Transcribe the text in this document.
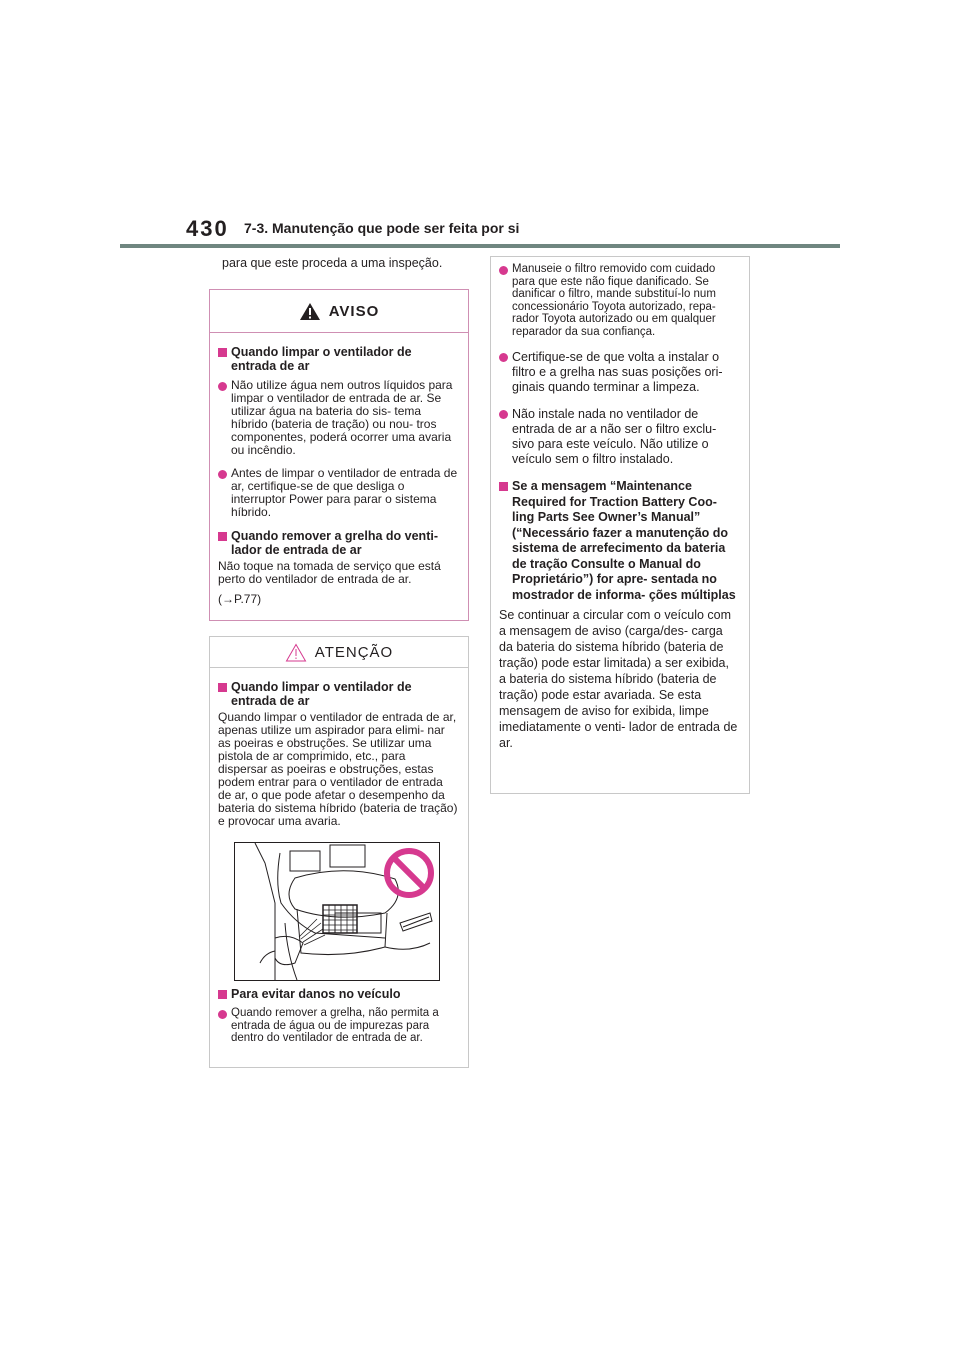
430 7-3. Manutenção que pode ser feita por si
para que este proceda a uma inspeção.
AVISO
Quando limpar o ventilador de entrada de ar
Não utilize água nem outros líquidos para limpar o ventilador de entrada de ar. Se utilizar água na bateria do sis- tema híbrido (bateria de tração) ou nou- tros componentes, poderá ocorrer uma avaria ou incêndio.
Antes de limpar o ventilador de entrada de ar, certifique-se de que desliga o interruptor Power para parar o sistema híbrido.
Quando remover a grelha do venti- lador de entrada de ar
Não toque na tomada de serviço que está perto do ventilador de entrada de ar.
(→P.77)
ATENÇÃO
Quando limpar o ventilador de entrada de ar
Quando limpar o ventilador de entrada de ar, apenas utilize um aspirador para elimi- nar as poeiras e obstruções. Se utilizar uma pistola de ar comprimido, etc., para dispersar as poeiras e obstruções, estas podem entrar para o ventilador de entrada de ar, o que pode afetar o desempenho da bateria do sistema híbrido (bateria de tração) e provocar uma avaria.
Para evitar danos no veículo
Quando remover a grelha, não permita a entrada de água ou de impurezas para dentro do ventilador de entrada de ar.
Manuseie o filtro removido com cuidado para que este não fique danificado. Se danificar o filtro, mande substituí-lo num concessionário Toyota autorizado, repa- rador Toyota autorizado ou em qualquer reparador da sua confiança.
Certifique-se de que volta a instalar o filtro e a grelha nas suas posições ori- ginais quando terminar a limpeza.
Não instale nada no ventilador de entrada de ar a não ser o filtro exclu- sivo para este veículo. Não utilize o veículo sem o filtro instalado.
Se a mensagem “Maintenance Required for Traction Battery Coo- ling Parts See Owner’s Manual” (“Necessário fazer a manutenção do sistema de arrefecimento da bateria de tração Consulte o Manual do Proprietário”) for apre- sentada no mostrador de informa- ções múltiplas
Se continuar a circular com o veículo com a mensagem de aviso (carga/des- carga da bateria do sistema híbrido (bateria de tração) pode estar limitada) a ser exibida, a bateria do sistema híbrido (bateria de tração) pode estar avariada. Se esta mensagem de aviso for exibida, limpe imediatamente o venti- lador de entrada de ar.
